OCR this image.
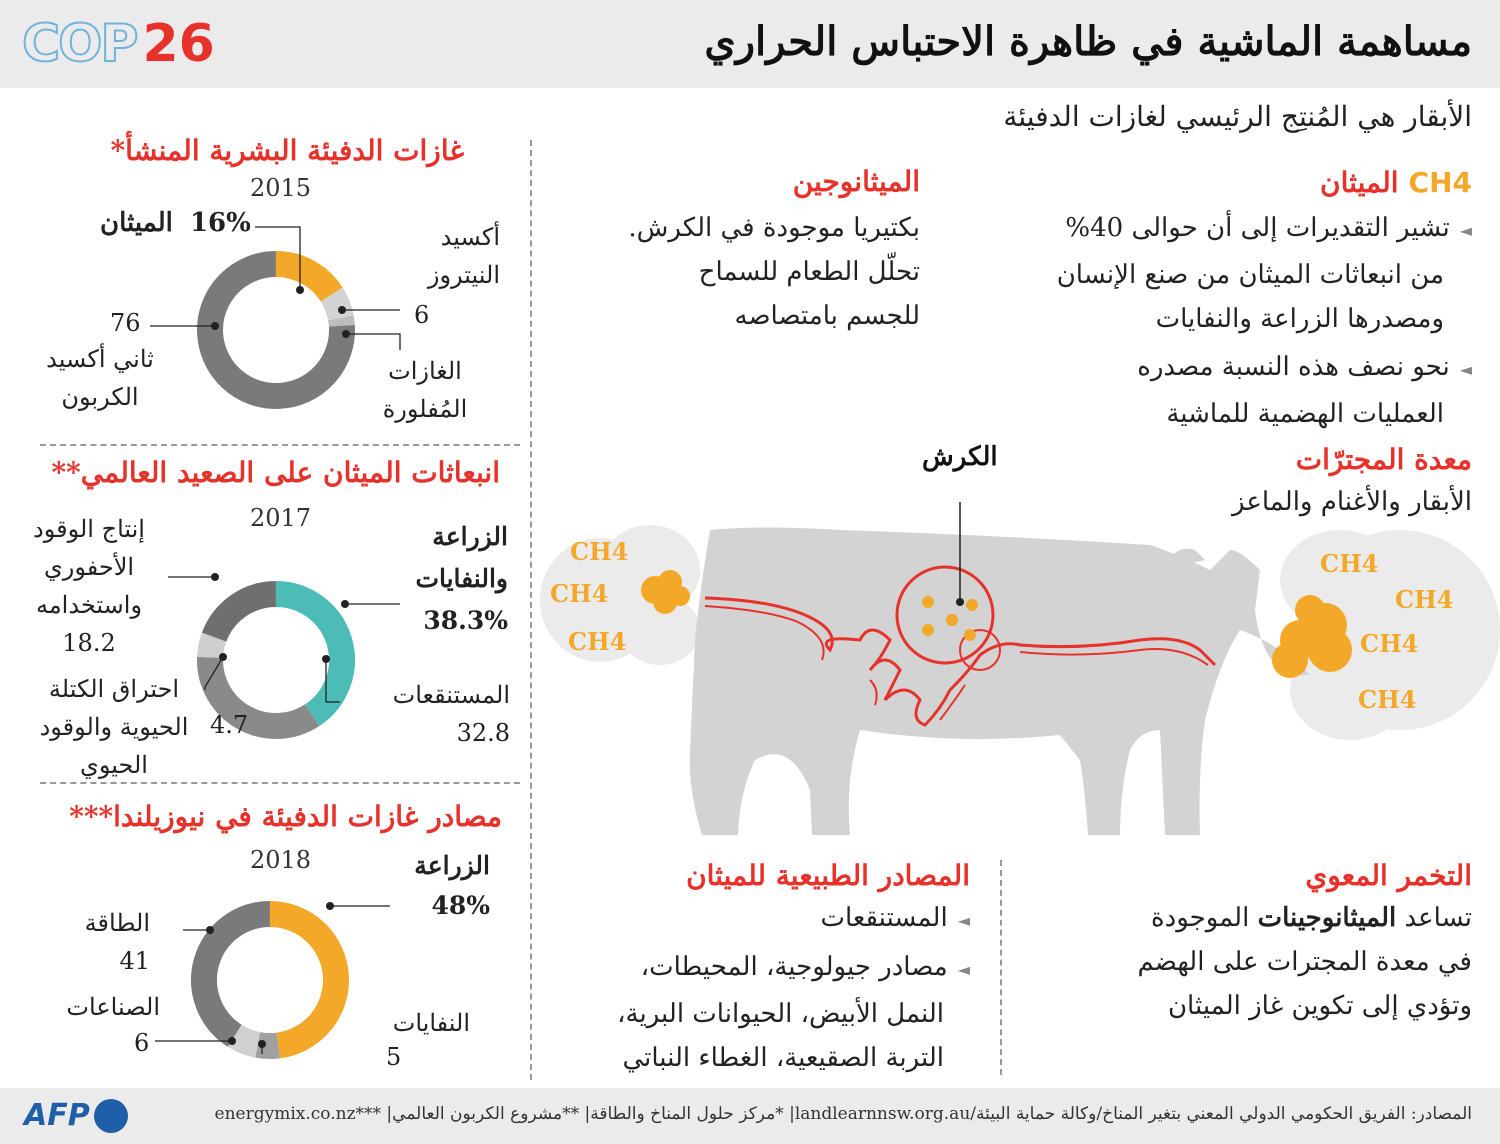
COP 26	مساهمة الماشية في ظاهرة الاحتباس الحراري
الأبقار هي المُنتِج الرئيسي لغازات الدفيئة
CH4
الميثان
◄تشير التقديرات إلى أن حوالى 40%
من انبعاثات الميثان من صنع الإنسان
ومصدرها الزراعة والنفايات
◄نحو نصف هذه النسبة مصدره
العمليات الهضمية للماشية
الميثانوجين
بكتيريا موجودة في الكرش.
تحلّل الطعام للسماح
للجسم بامتصاصه
معدة المجترّات
الأبقار والأغنام والماعز
الكرش
CH4
CH4
CH4
CH4
CH4
CH4
CH4
التخمر المعوي
تساعد الميثانوجينات الموجودة
في معدة المجترات على الهضم
وتؤدي إلى تكوين غاز الميثان
المصادر الطبيعية للميثان
◄المستنقعات
◄مصادر جيولوجية، المحيطات،
النمل الأبيض، الحيوانات البرية،
التربة الصقيعية، الغطاء النباتي
غازات الدفيئة البشرية المنشأ*
2015
16% الميثان	أكسيد
النيتروز
6
76
ثاني أكسيد
الكربون
الغازات
المُفلورة
انبعاثات الميثان على الصعيد العالمي**
2017
الزراعة
والنفايات
38.3%
إنتاج الوقود
الأحفوري
واستخدامه
18.2
احتراق الكتلة
الحيوية والوقود
الحيوي
4.7
المستنقعات
32.8
مصادر غازات الدفيئة في نيوزيلندا***
2018	الزراعة
48%
الطاقة
41
الصناعات
6
النفايات
5
AFP	المصادر: الفريق الحكومي الدولي المعني بتغير المناخ/وكالة حماية البيئة/landlearnnsw.org.au| *مركز حلول المناخ والطاقة| **مشروع الكربون العالمي| ***energymix.co.nz
